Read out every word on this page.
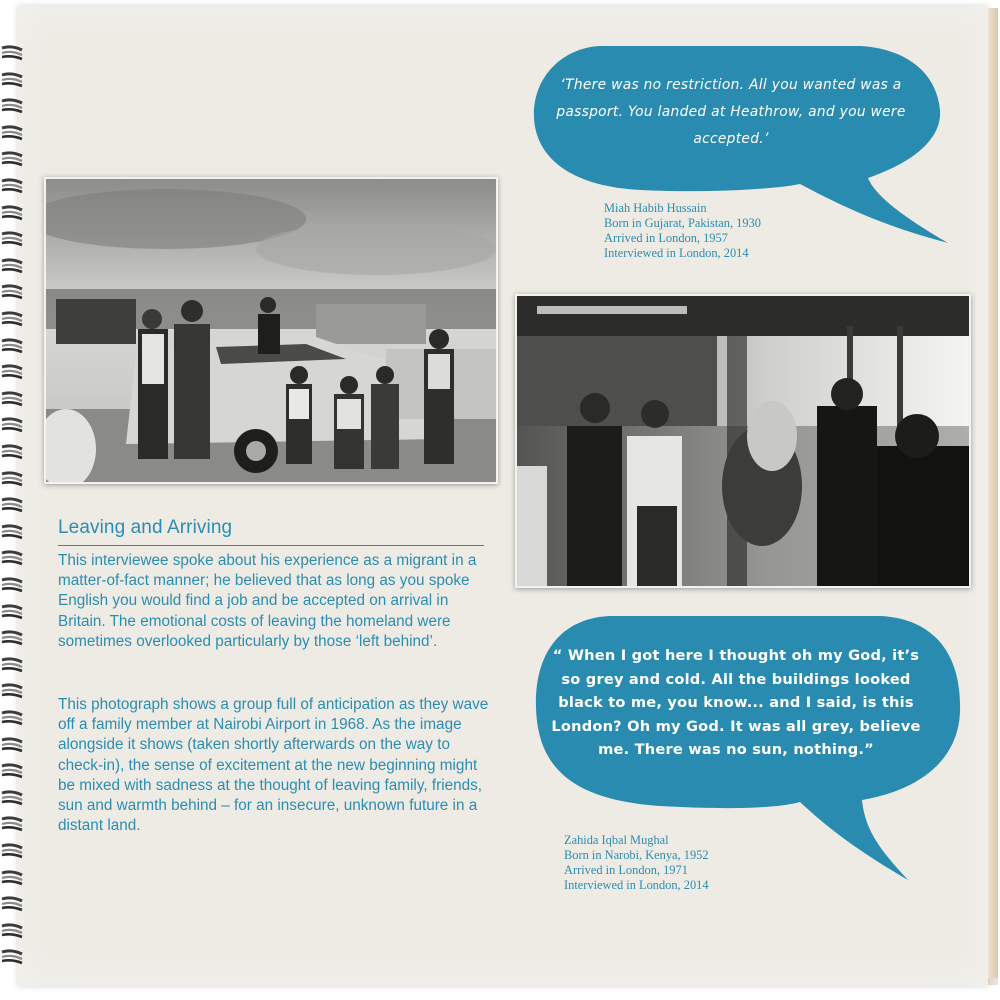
Leaving and Arriving

This interviewee spoke about his experience as a migrant in a matter-of-fact manner; he believed that as long as you spoke English you would find a job and be accepted on arrival in Britain. The emotional costs of leaving the homeland were sometimes overlooked particularly by those ‘left behind’.

This photograph shows a group full of anticipation as they wave off a family member at Nairobi Airport in 1968. As the image alongside it shows (taken shortly afterwards on the way to check-in), the sense of excitement at the new beginning might be mixed with sadness at the thought of leaving family, friends, sun and warmth behind – for an insecure, unknown future in a distant land.

‘There was no restriction. All you wanted was a passport. You landed at Heathrow, and you were accepted.’
“ When I got here I thought oh my God, it’s so grey and cold. All the buildings looked black to me, you know... and I said, is this London? Oh my God. It was all grey, believe me. There was no sun, nothing.”
Miah Habib Hussain
Born in Gujarat, Pakistan, 1930
Arrived in London, 1957
Interviewed in London, 2014
Zahida Iqbal Mughal
Born in Narobi, Kenya, 1952
Arrived in London, 1971
Interviewed in London, 2014
